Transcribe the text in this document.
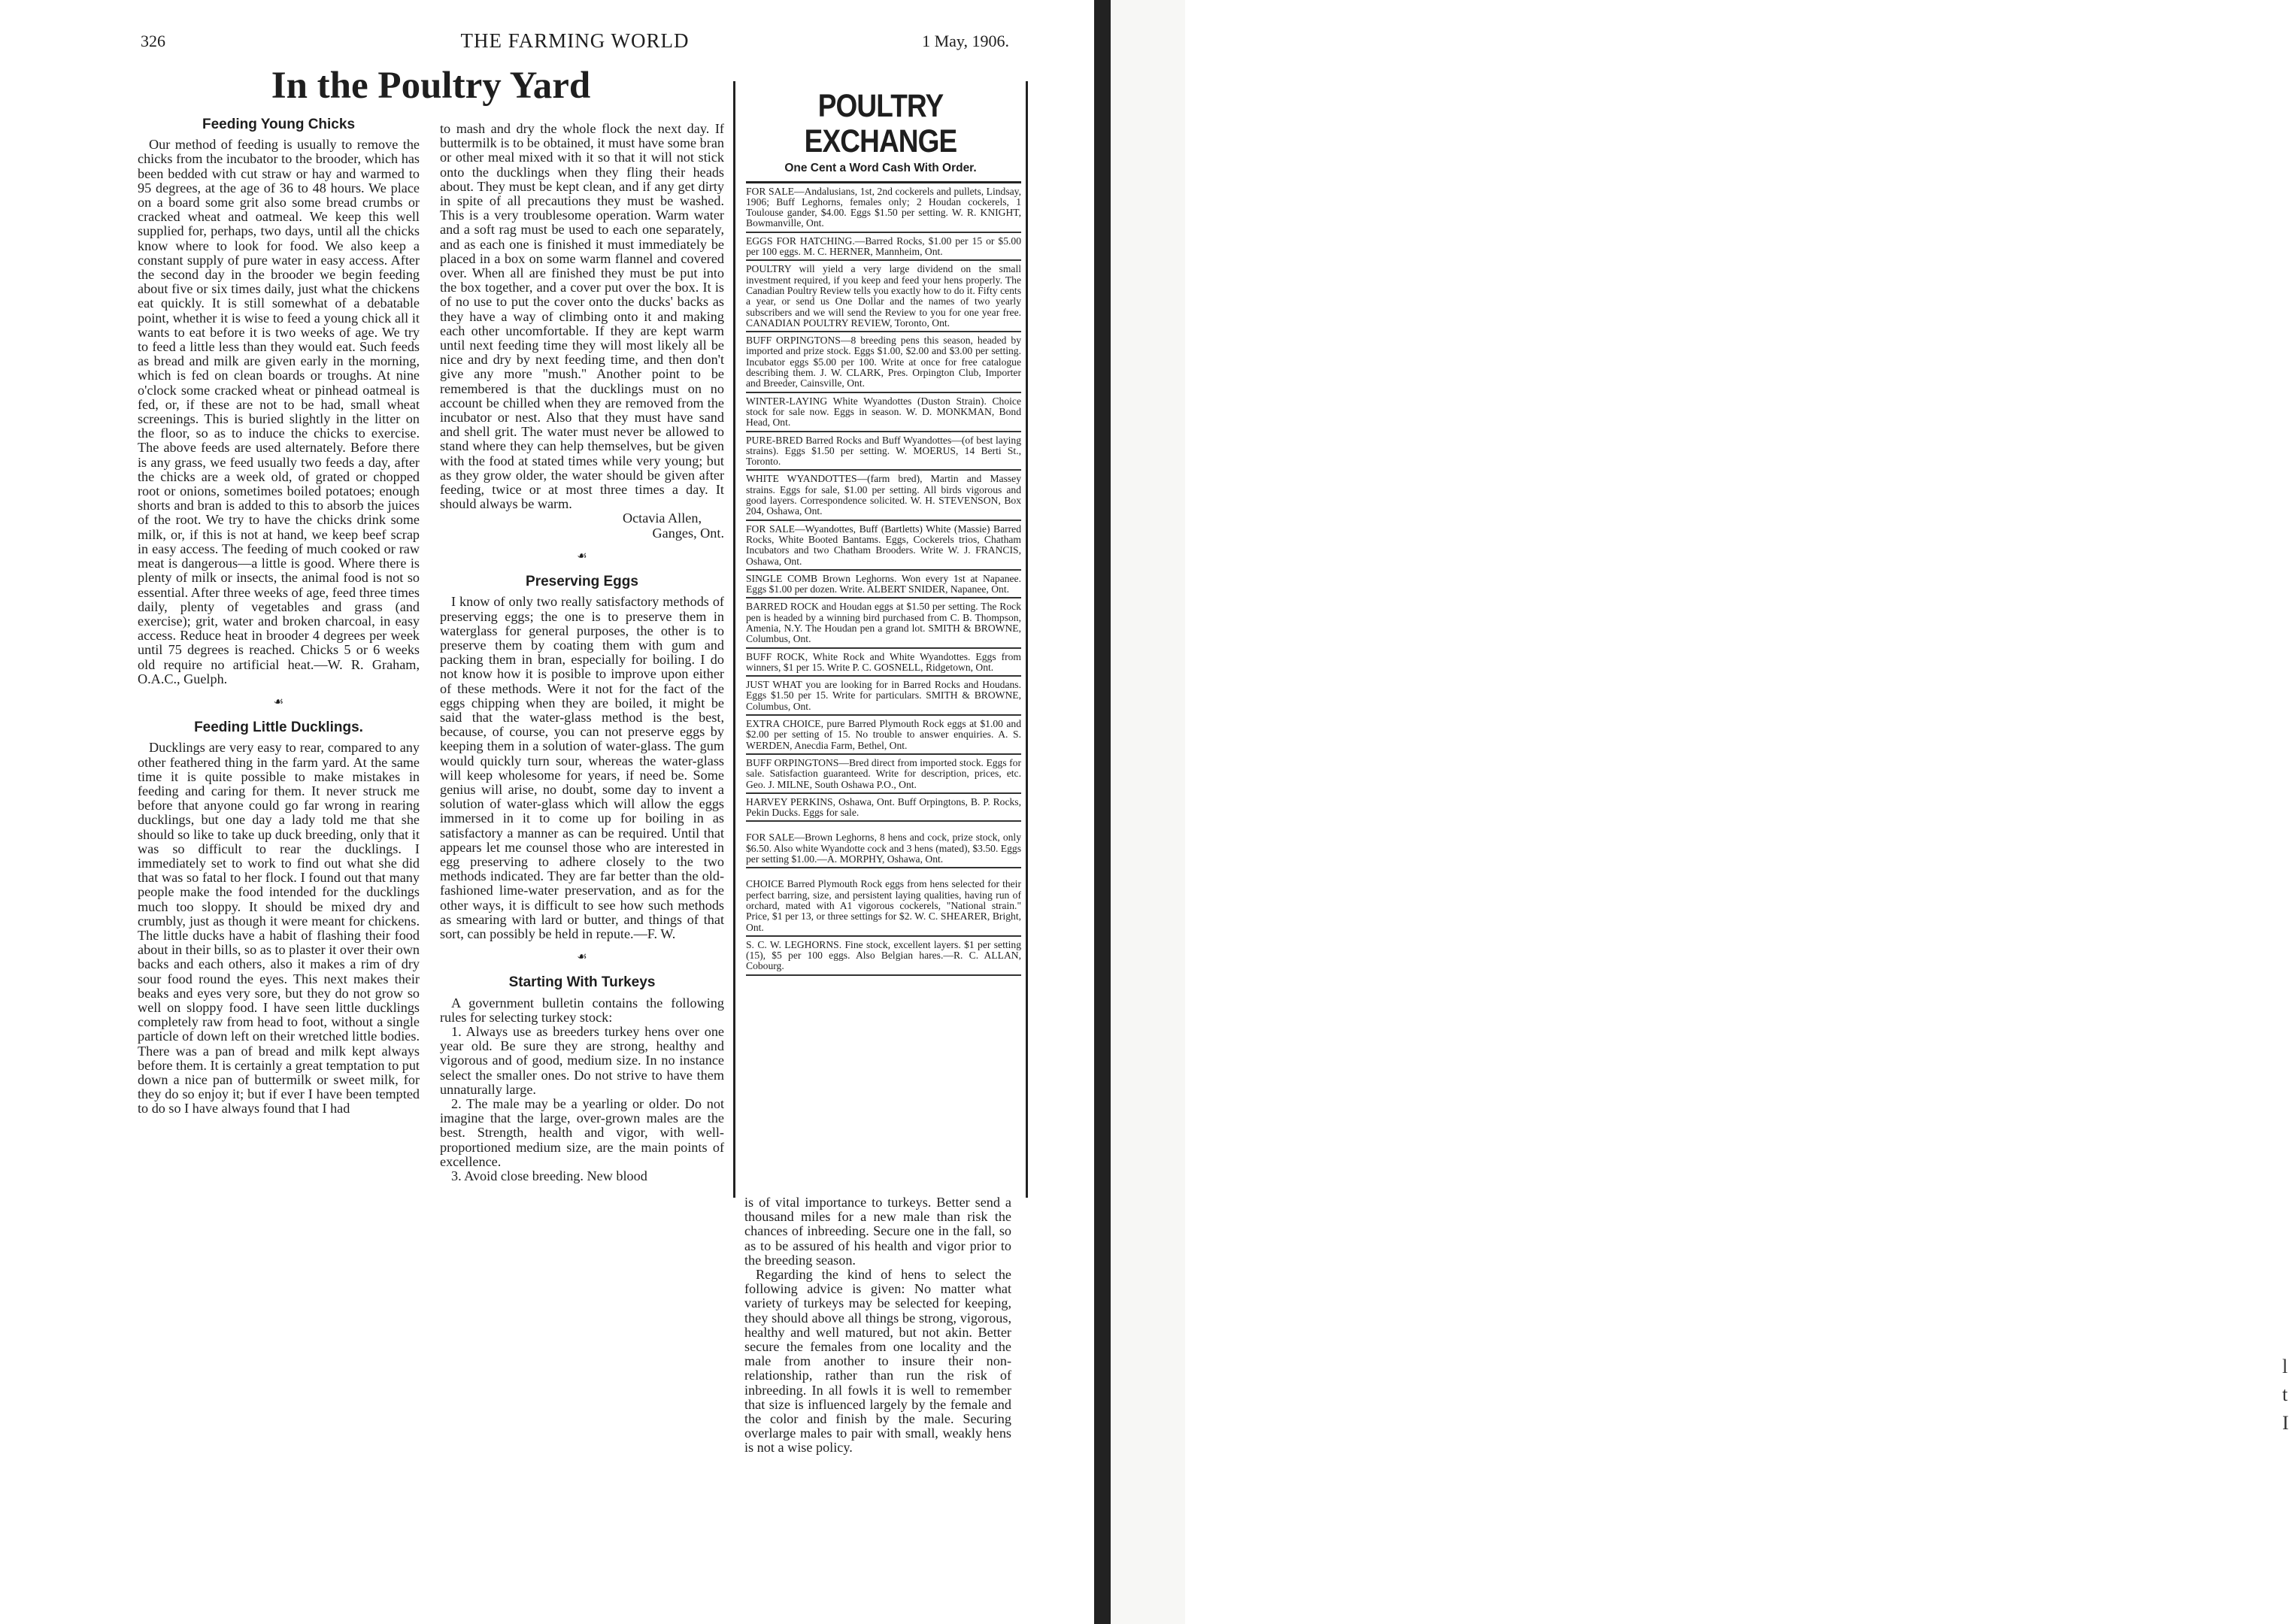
l
t
I
326	THE FARMING WORLD	1 May, 1906.
In the Poultry Yard
Feeding Young Chicks

Our method of feeding is usually to remove the chicks from the incubator to the brooder, which has been bedded with cut straw or hay and warmed to 95 degrees, at the age of 36 to 48 hours. We place on a board some grit also some bread crumbs or cracked wheat and oatmeal. We keep this well supplied for, perhaps, two days, until all the chicks know where to look for food. We also keep a constant supply of pure water in easy access. After the second day in the brooder we begin feeding about five or six times daily, just what the chickens eat quickly. It is still somewhat of a debatable point, whether it is wise to feed a young chick all it wants to eat before it is two weeks of age. We try to feed a little less than they would eat. Such feeds as bread and milk are given early in the morning, which is fed on clean boards or troughs. At nine o'clock some cracked wheat or pinhead oatmeal is fed, or, if these are not to be had, small wheat screenings. This is buried slightly in the litter on the floor, so as to induce the chicks to exercise. The above feeds are used alternately. Before there is any grass, we feed usually two feeds a day, after the chicks are a week old, of grated or chopped root or onions, sometimes boiled potatoes; enough shorts and bran is added to this to absorb the juices of the root. We try to have the chicks drink some milk, or, if this is not at hand, we keep beef scrap in easy access. The feeding of much cooked or raw meat is dangerous—a little is good. Where there is plenty of milk or insects, the animal food is not so essential. After three weeks of age, feed three times daily, plenty of vegetables and grass (and exercise); grit, water and broken charcoal, in easy access. Reduce heat in brooder 4 degrees per week until 75 degrees is reached. Chicks 5 or 6 weeks old require no artificial heat.—W. R. Graham, O.A.C., Guelph.

☙
Feeding Little Ducklings.

Ducklings are very easy to rear, compared to any other feathered thing in the farm yard. At the same time it is quite possible to make mistakes in feeding and caring for them. It never struck me before that anyone could go far wrong in rearing ducklings, but one day a lady told me that she should so like to take up duck breeding, only that it was so difficult to rear the ducklings. I immediately set to work to find out what she did that was so fatal to her flock. I found out that many people make the food intended for the ducklings much too sloppy. It should be mixed dry and crumbly, just as though it were meant for chickens. The little ducks have a habit of flashing their food about in their bills, so as to plaster it over their own backs and each others, also it makes a rim of dry sour food round the eyes. This next makes their beaks and eyes very sore, but they do not grow so well on sloppy food. I have seen little ducklings completely raw from head to foot, without a single particle of down left on their wretched little bodies. There was a pan of bread and milk kept always before them. It is certainly a great temptation to put down a nice pan of buttermilk or sweet milk, for they do so enjoy it; but if ever I have been tempted to do so I have always found that I had

to mash and dry the whole flock the next day. If buttermilk is to be obtained, it must have some bran or other meal mixed with it so that it will not stick onto the ducklings when they fling their heads about. They must be kept clean, and if any get dirty in spite of all precautions they must be washed. This is a very troublesome operation. Warm water and a soft rag must be used to each one separately, and as each one is finished it must immediately be placed in a box on some warm flannel and covered over. When all are finished they must be put into the box together, and a cover put over the box. It is of no use to put the cover onto the ducks' backs as they have a way of climbing onto it and making each other uncomfortable. If they are kept warm until next feeding time they will most likely all be nice and dry by next feeding time, and then don't give any more "mush." Another point to be remembered is that the ducklings must on no account be chilled when they are removed from the incubator or nest. Also that they must have sand and shell grit. The water must never be allowed to stand where they can help themselves, but be given with the food at stated times while very young; but as they grow older, the water should be given after feeding, twice or at most three times a day. It should always be warm.

Octavia Allen,

Ganges, Ont.

☙
Preserving Eggs

I know of only two really satisfactory methods of preserving eggs; the one is to preserve them in waterglass for general purposes, the other is to preserve them by coating them with gum and packing them in bran, especially for boiling. I do not know how it is posible to improve upon either of these methods. Were it not for the fact of the eggs chipping when they are boiled, it might be said that the water-glass method is the best, because, of course, you can not preserve eggs by keeping them in a solution of water-glass. The gum would quickly turn sour, whereas the water-glass will keep wholesome for years, if need be. Some genius will arise, no doubt, some day to invent a solution of water-glass which will allow the eggs immersed in it to come up for boiling in as satisfactory a manner as can be required. Until that appears let me counsel those who are interested in egg preserving to adhere closely to the two methods indicated. They are far better than the old-fashioned lime-water preservation, and as for the other ways, it is difficult to see how such methods as smearing with lard or butter, and things of that sort, can possibly be held in repute.—F. W.

☙
Starting With Turkeys

A government bulletin contains the following rules for selecting turkey stock:

1. Always use as breeders turkey hens over one year old. Be sure they are strong, healthy and vigorous and of good, medium size. In no instance select the smaller ones. Do not strive to have them unnaturally large.

2. The male may be a yearling or older. Do not imagine that the large, over-grown males are the best. Strength, health and vigor, with well-proportioned medium size, are the main points of excellence.

3. Avoid close breeding. New blood

POULTRY EXCHANGE
One Cent a Word Cash With Order.
FOR SALE—Andalusians, 1st, 2nd cockerels and pullets, Lindsay, 1906; Buff Leghorns, females only; 2 Houdan cockerels, 1 Toulouse gander, $4.00. Eggs $1.50 per setting. W. R. KNIGHT, Bowmanville, Ont.
EGGS FOR HATCHING.—Barred Rocks, $1.00 per 15 or $5.00 per 100 eggs. M. C. HERNER, Mannheim, Ont.
POULTRY will yield a very large dividend on the small investment required, if you keep and feed your hens properly. The Canadian Poultry Review tells you exactly how to do it. Fifty cents a year, or send us One Dollar and the names of two yearly subscribers and we will send the Review to you for one year free. CANADIAN POULTRY REVIEW, Toronto, Ont.
BUFF ORPINGTONS—8 breeding pens this season, headed by imported and prize stock. Eggs $1.00, $2.00 and $3.00 per setting. Incubator eggs $5.00 per 100. Write at once for free catalogue describing them. J. W. CLARK, Pres. Orpington Club, Importer and Breeder, Cainsville, Ont.
WINTER-LAYING White Wyandottes (Duston Strain). Choice stock for sale now. Eggs in season. W. D. MONKMAN, Bond Head, Ont.
PURE-BRED Barred Rocks and Buff Wyandottes—(of best laying strains). Eggs $1.50 per setting. W. MOERUS, 14 Berti St., Toronto.
WHITE WYANDOTTES—(farm bred), Martin and Massey strains. Eggs for sale, $1.00 per setting. All birds vigorous and good layers. Correspondence solicited. W. H. STEVENSON, Box 204, Oshawa, Ont.
FOR SALE—Wyandottes, Buff (Bartletts) White (Massie) Barred Rocks, White Booted Bantams. Eggs, Cockerels trios, Chatham Incubators and two Chatham Brooders. Write W. J. FRANCIS, Oshawa, Ont.
SINGLE COMB Brown Leghorns. Won every 1st at Napanee. Eggs $1.00 per dozen. Write. ALBERT SNIDER, Napanee, Ont.
BARRED ROCK and Houdan eggs at $1.50 per setting. The Rock pen is headed by a winning bird purchased from C. B. Thompson, Amenia, N.Y. The Houdan pen a grand lot. SMITH & BROWNE, Columbus, Ont.
BUFF ROCK, White Rock and White Wyandottes. Eggs from winners, $1 per 15. Write P. C. GOSNELL, Ridgetown, Ont.
JUST WHAT you are looking for in Barred Rocks and Houdans. Eggs $1.50 per 15. Write for particulars. SMITH & BROWNE, Columbus, Ont.
EXTRA CHOICE, pure Barred Plymouth Rock eggs at $1.00 and $2.00 per setting of 15. No trouble to answer enquiries. A. S. WERDEN, Anecdia Farm, Bethel, Ont.
BUFF ORPINGTONS—Bred direct from imported stock. Eggs for sale. Satisfaction guaranteed. Write for description, prices, etc. Geo. J. MILNE, South Oshawa P.O., Ont.
HARVEY PERKINS, Oshawa, Ont. Buff Orpingtons, B. P. Rocks, Pekin Ducks. Eggs for sale.
FOR SALE—Brown Leghorns, 8 hens and cock, prize stock, only $6.50. Also white Wyandotte cock and 3 hens (mated), $3.50. Eggs per setting $1.00.—A. MORPHY, Oshawa, Ont.
CHOICE Barred Plymouth Rock eggs from hens selected for their perfect barring, size, and persistent laying qualities, having run of orchard, mated with A1 vigorous cockerels, "National strain." Price, $1 per 13, or three settings for $2. W. C. SHEARER, Bright, Ont.
S. C. W. LEGHORNS. Fine stock, excellent layers. $1 per setting (15), $5 per 100 eggs. Also Belgian hares.—R. C. ALLAN, Cobourg.

is of vital importance to turkeys. Better send a thousand miles for a new male than risk the chances of inbreeding. Secure one in the fall, so as to be assured of his health and vigor prior to the breeding season.

Regarding the kind of hens to select the following advice is given: No matter what variety of turkeys may be selected for keeping, they should above all things be strong, vigorous, healthy and well matured, but not akin. Better secure the females from one locality and the male from another to insure their non-relationship, rather than run the risk of inbreeding. In all fowls it is well to remember that size is influenced largely by the female and the color and finish by the male. Securing overlarge males to pair with small, weakly hens is not a wise policy.
